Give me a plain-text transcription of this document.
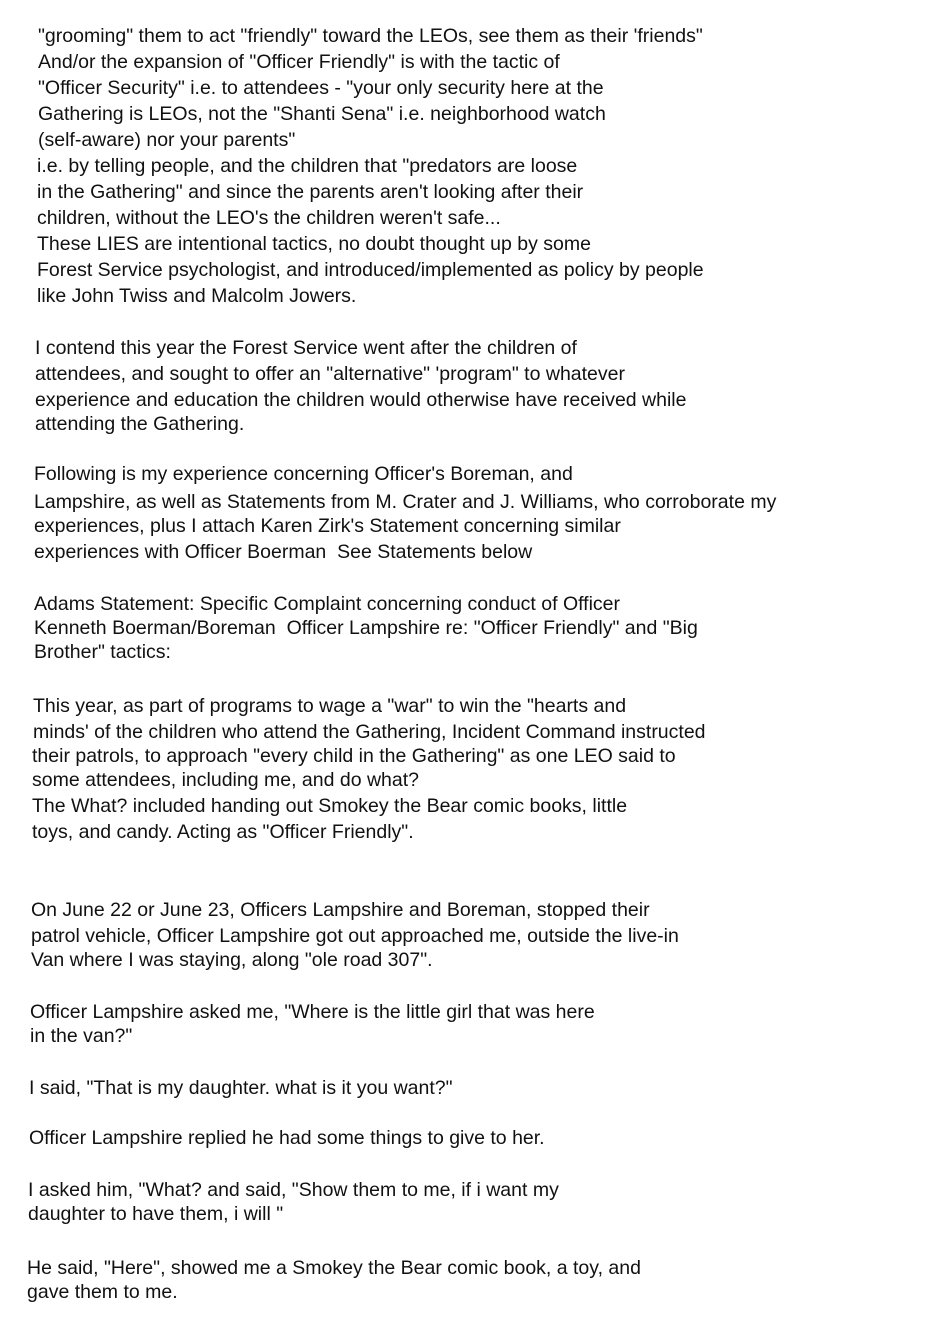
"grooming" them to act "friendly" toward the LEOs, see them as their 'friends"
And/or the expansion of "Officer Friendly" is with the tactic of
"Officer Security" i.e. to attendees - "your only security here at the
Gathering is LEOs, not the "Shanti Sena" i.e. neighborhood watch
(self-aware) nor your parents"
i.e. by telling people, and the children that "predators are loose
in the Gathering" and since the parents aren't looking after their
children, without the LEO's the children weren't safe...
These LIES are intentional tactics, no doubt thought up by some
Forest Service psychologist, and introduced/implemented as policy by people
like John Twiss and Malcolm Jowers.
I contend this year the Forest Service went after the children of
attendees, and sought to offer an "alternative" 'program" to whatever
experience and education the children would otherwise have received while
attending the Gathering.
Following is my experience concerning Officer's Boreman, and
Lampshire, as well as Statements from M. Crater and J. Williams, who corroborate my
experiences, plus I attach Karen Zirk's Statement concerning similar
experiences with Officer Boerman  See Statements below
Adams Statement: Specific Complaint concerning conduct of Officer
Kenneth Boerman/Boreman  Officer Lampshire re: "Officer Friendly" and "Big
Brother" tactics:
This year, as part of programs to wage a "war" to win the "hearts and
minds' of the children who attend the Gathering, Incident Command instructed
their patrols, to approach "every child in the Gathering" as one LEO said to
some attendees, including me, and do what?
The What? included handing out Smokey the Bear comic books, little
toys, and candy. Acting as "Officer Friendly".
On June 22 or June 23, Officers Lampshire and Boreman, stopped their
patrol vehicle, Officer Lampshire got out approached me, outside the live-in
Van where I was staying, along "ole road 307".
Officer Lampshire asked me, "Where is the little girl that was here
in the van?"
I said, "That is my daughter. what is it you want?"
Officer Lampshire replied he had some things to give to her.
I asked him, "What? and said, "Show them to me, if i want my
daughter to have them, i will "
He said, "Here", showed me a Smokey the Bear comic book, a toy, and
gave them to me.
